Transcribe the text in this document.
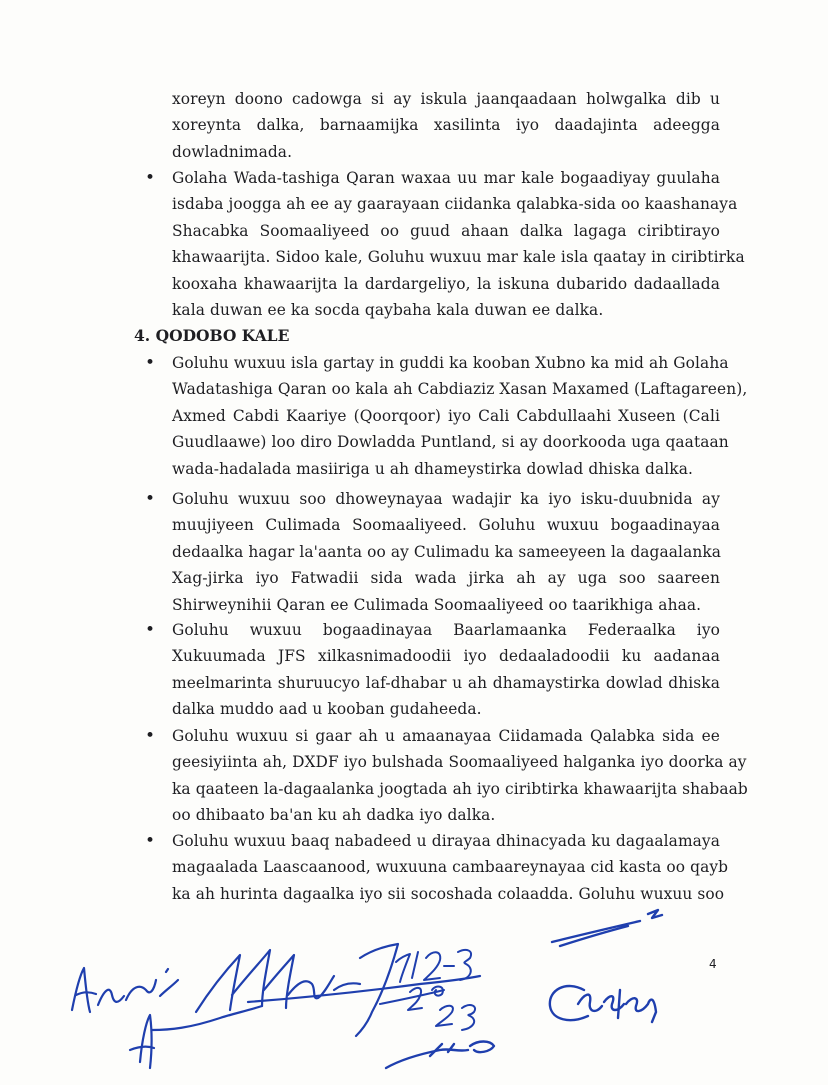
xoreyn doono cadowga si ay iskula jaanqaadaan holwgalka dib u
xoreynta dalka, barnaamijka xasilinta iyo daadajinta adeegga
dowladnimada.
• Golaha Wada-tashiga Qaran waxaa uu mar kale bogaadiyay guulaha
isdaba joogga ah ee ay gaarayaan ciidanka qalabka-sida oo kaashanaya
Shacabka Soomaaliyeed oo guud ahaan dalka lagaga ciribtirayo
khawaarijta. Sidoo kale, Goluhu wuxuu mar kale isla qaatay in ciribtirka
kooxaha khawaarijta la dardargeliyo, la iskuna dubarido dadaallada
kala duwan ee ka socda qaybaha kala duwan ee dalka.
4. QODOBO KALE
• Goluhu wuxuu isla gartay in guddi ka kooban Xubno ka mid ah Golaha
Wadatashiga Qaran oo kala ah Cabdiaziz Xasan Maxamed (Laftagareen),
Axmed Cabdi Kaariye (Qoorqoor) iyo Cali Cabdullaahi Xuseen (Cali
Guudlaawe) loo diro Dowladda Puntland, si ay doorkooda uga qaataan
wada-hadalada masiiriga u ah dhameystirka dowlad dhiska dalka.
• Goluhu wuxuu soo dhoweynayaa wadajir ka iyo isku-duubnida ay
muujiyeen Culimada Soomaaliyeed. Goluhu wuxuu bogaadinayaa
dedaalka hagar la'aanta oo ay Culimadu ka sameeyeen la dagaalanka
Xag-jirka iyo Fatwadii sida wada jirka ah ay uga soo saareen
Shirweynihii Qaran ee Culimada Soomaaliyeed oo taarikhiga ahaa.
• Goluhu wuxuu bogaadinayaa Baarlamaanka Federaalka iyo
Xukuumada JFS xilkasnimadoodii iyo dedaaladoodii ku aadanaa
meelmarinta shuruucyo laf-dhabar u ah dhamaystirka dowlad dhiska
dalka muddo aad u kooban gudaheeda.
• Goluhu wuxuu si gaar ah u amaanayaa Ciidamada Qalabka sida ee
geesiyiinta ah, DXDF iyo bulshada Soomaaliyeed halganka iyo doorka ay
ka qaateen la-dagaalanka joogtada ah iyo ciribtirka khawaarijta shabaab
oo dhibaato ba'an ku ah dadka iyo dalka.
• Goluhu wuxuu baaq nabadeed u dirayaa dhinacyada ku dagaalamaya
magaalada Laascaanood, wuxuuna cambaareynayaa cid kasta oo qayb
ka ah hurinta dagaalka iyo sii socoshada colaadda. Goluhu wuxuu soo
4
